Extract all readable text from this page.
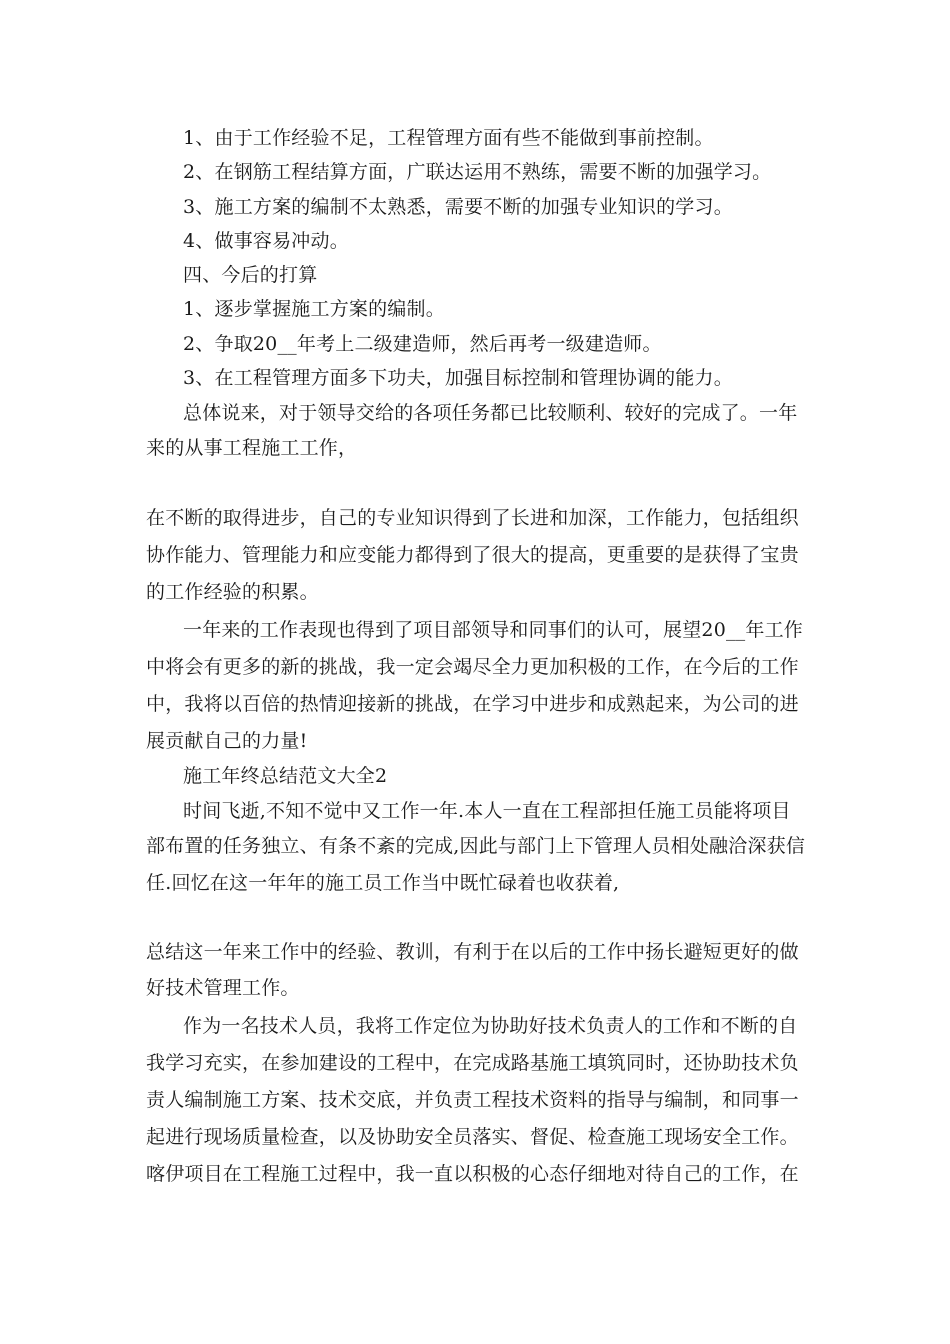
1、由于工作经验不足，工程管理方面有些不能做到事前控制。
2、在钢筋工程结算方面，广联达运用不熟练，需要不断的加强学习。
3、施工方案的编制不太熟悉，需要不断的加强专业知识的学习。
4、做事容易冲动。
四、今后的打算
1、逐步掌握施工方案的编制。
2、争取20__年考上二级建造师，然后再考一级建造师。
3、在工程管理方面多下功夫，加强目标控制和管理协调的能力。
总体说来，对于领导交给的各项任务都已比较顺利、较好的完成了。一年
来的从事工程施工工作，
在不断的取得进步，自己的专业知识得到了长进和加深，工作能力，包括组织
协作能力、管理能力和应变能力都得到了很大的提高，更重要的是获得了宝贵
的工作经验的积累。
一年来的工作表现也得到了项目部领导和同事们的认可，展望20__年工作
中将会有更多的新的挑战，我一定会竭尽全力更加积极的工作，在今后的工作
中，我将以百倍的热情迎接新的挑战，在学习中进步和成熟起来，为公司的进
展贡献自己的力量!
施工年终总结范文大全2
时间飞逝,不知不觉中又工作一年.本人一直在工程部担任施工员能将项目
部布置的任务独立、有条不紊的完成,因此与部门上下管理人员相处融洽深获信
任.回忆在这一年年的施工员工作当中既忙碌着也收获着,
总结这一年来工作中的经验、教训，有利于在以后的工作中扬长避短更好的做
好技术管理工作。
作为一名技术人员，我将工作定位为协助好技术负责人的工作和不断的自
我学习充实，在参加建设的工程中，在完成路基施工填筑同时，还协助技术负
责人编制施工方案、技术交底，并负责工程技术资料的指导与编制，和同事一
起进行现场质量检查，以及协助安全员落实、督促、检查施工现场安全工作。
喀伊项目在工程施工过程中，我一直以积极的心态仔细地对待自己的工作，在
